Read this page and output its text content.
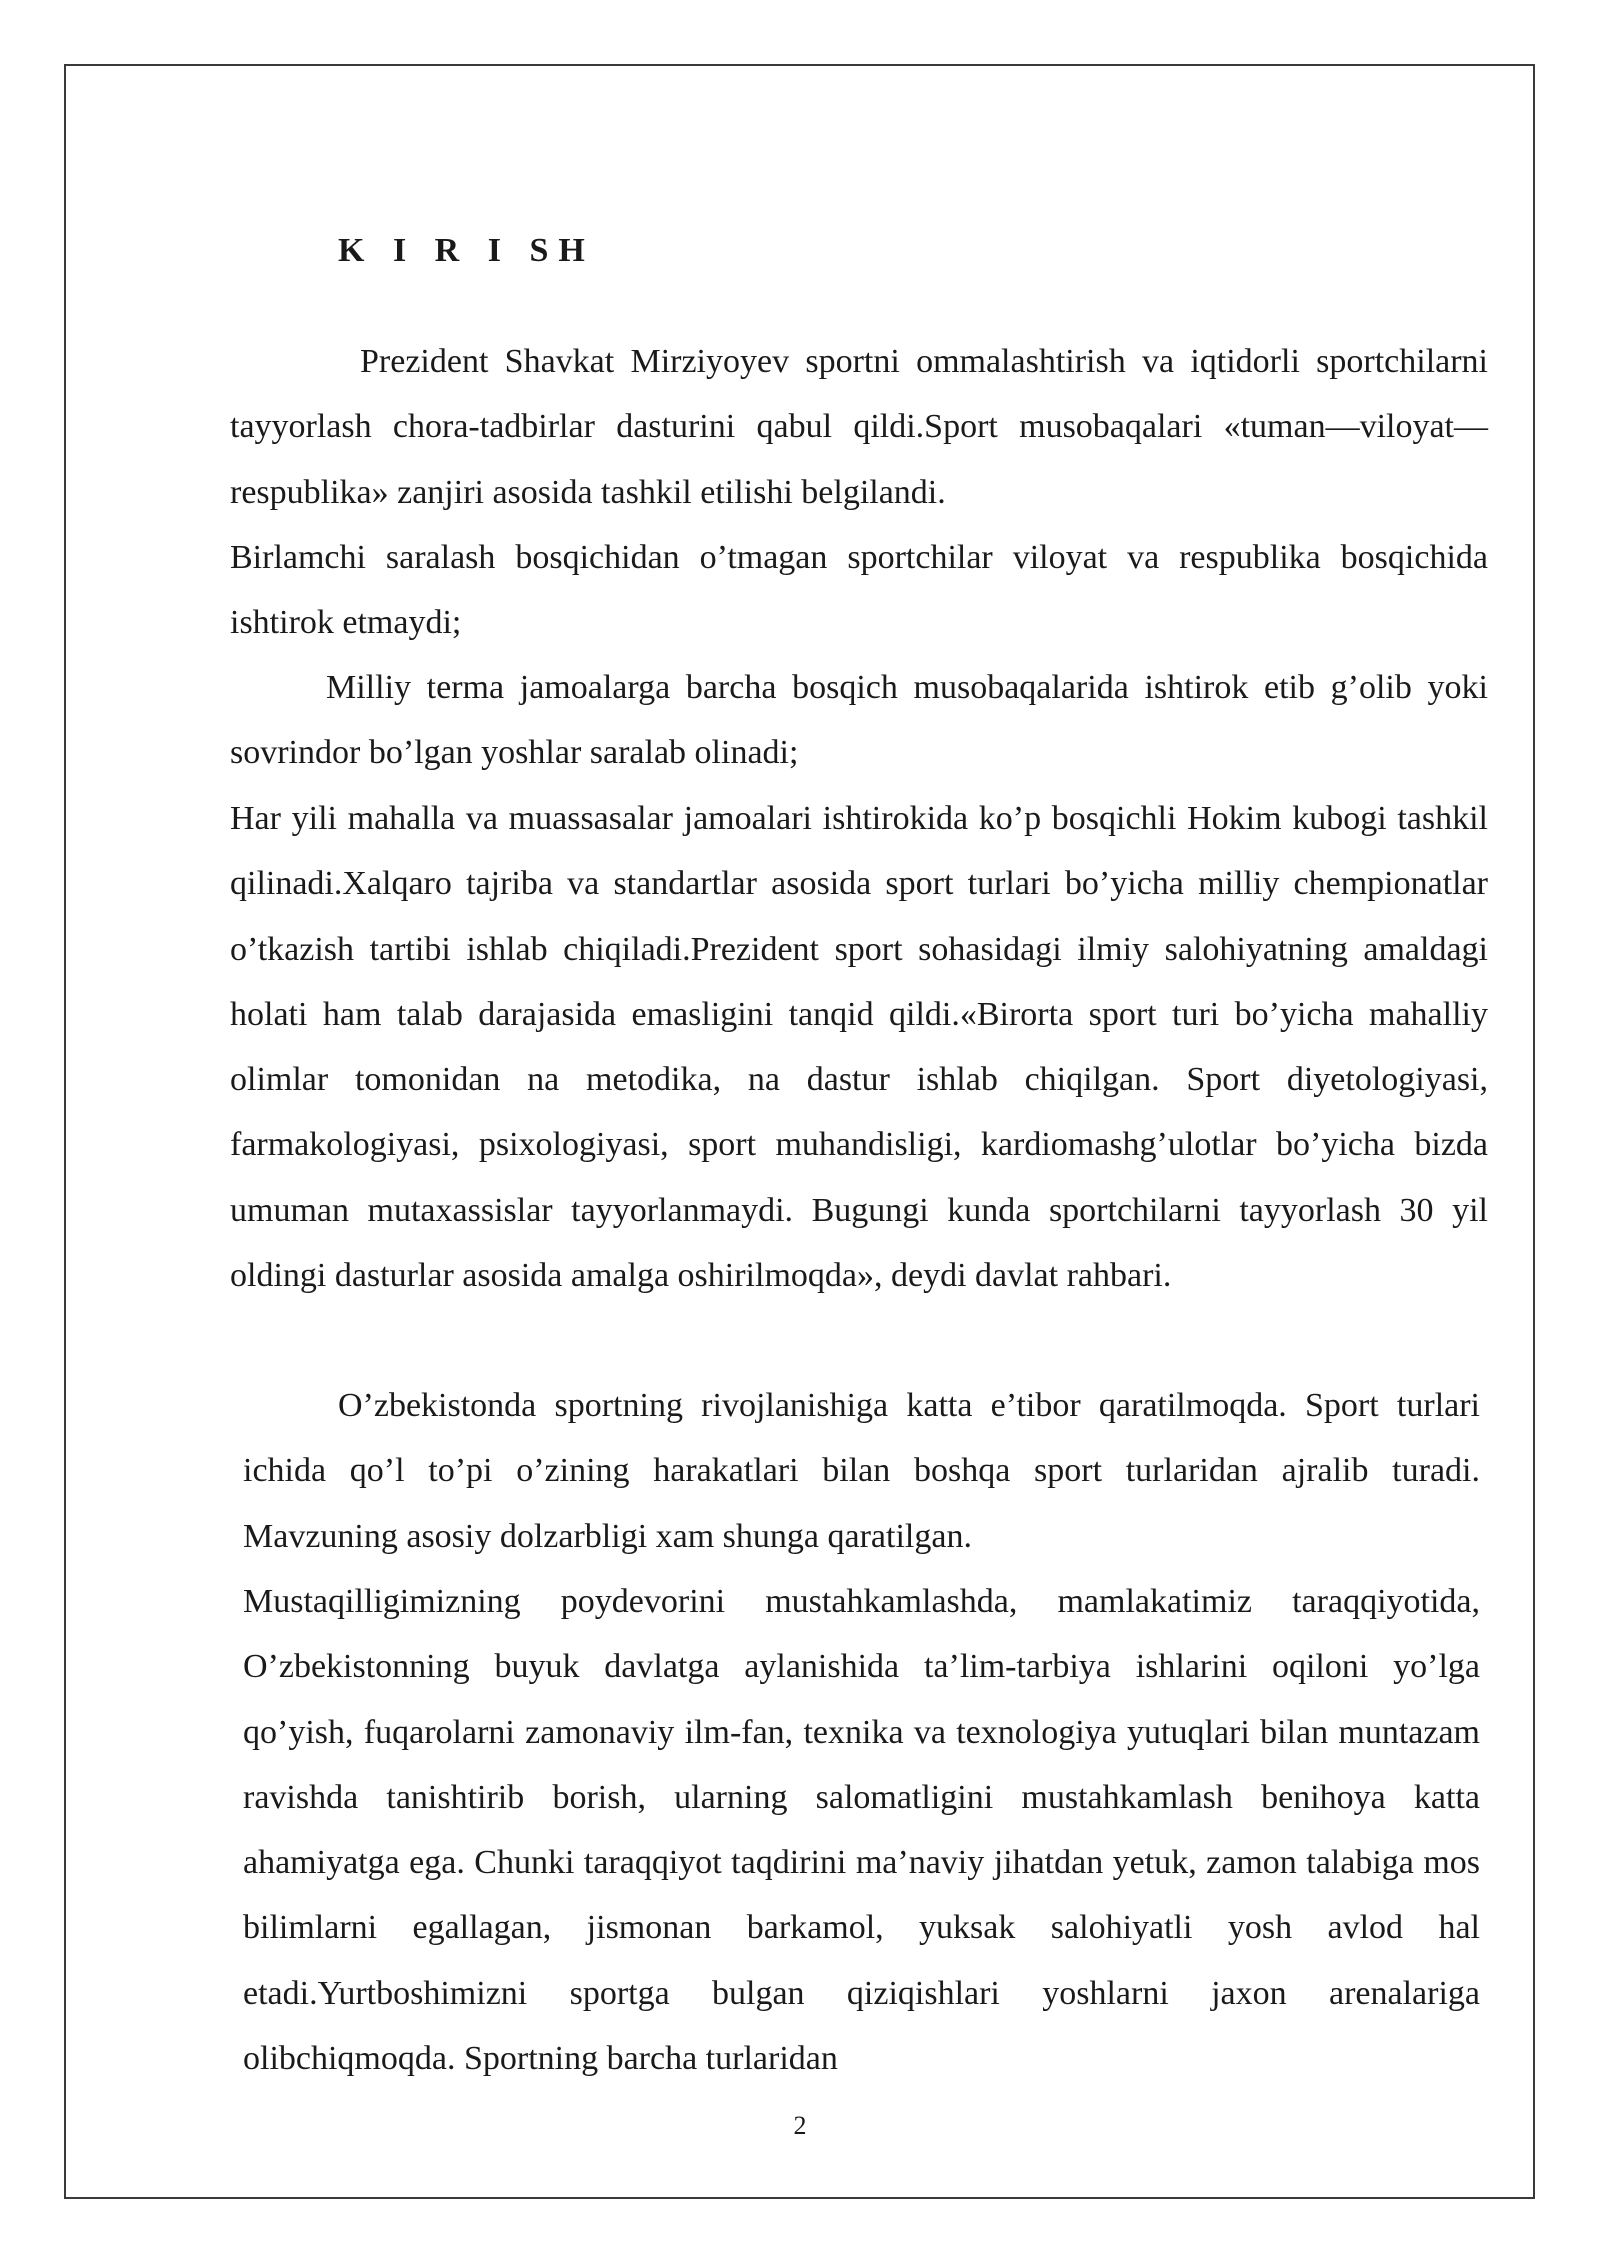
K I R I SH

Prezident Shavkat Mirziyoyev sportni ommalashtirish va iqtidorli sportchilarni tayyorlash chora-tadbirlar dasturini qabul qildi.Sport musobaqalari «tuman—viloyat—respublika» zanjiri asosida tashkil etilishi belgilandi.

Birlamchi saralash bosqichidan o’tmagan sportchilar viloyat va respublika bosqichida ishtirok etmaydi;

Milliy terma jamoalarga barcha bosqich musobaqalarida ishtirok etib g’olib yoki sovrindor bo’lgan yoshlar saralab olinadi;

Har yili mahalla va muassasalar jamoalari ishtirokida ko’p bosqichli Hokim kubogi tashkil qilinadi.Xalqaro tajriba va standartlar asosida sport turlari bo’yicha milliy chempionatlar o’tkazish tartibi ishlab chiqiladi.Prezident sport sohasidagi ilmiy salohiyatning amaldagi holati ham talab darajasida emasligini tanqid qildi.«Birorta sport turi bo’yicha mahalliy olimlar tomonidan na metodika, na dastur ishlab chiqilgan. Sport diyetologiyasi, farmakologiyasi, psixologiyasi, sport muhandisligi, kardiomashg’ulotlar bo’yicha bizda umuman mutaxassislar tayyorlanmaydi. Bugungi kunda sportchilarni tayyorlash 30 yil oldingi dasturlar asosida amalga oshirilmoqda», deydi davlat rahbari.

O’zbekistonda sportning rivojlanishiga katta e’tibor qaratilmoqda. Sport turlari ichida qo’l to’pi o’zining harakatlari bilan boshqa sport turlaridan ajralib turadi. Mavzuning asosiy dolzarbligi xam shunga qaratilgan.

Mustaqilligimizning poydevorini mustahkamlashda, mamlakatimiz taraqqiyotida, O’zbekistonning buyuk davlatga aylanishida ta’lim-tarbiya ishlarini oqiloni yo’lga qo’yish, fuqarolarni zamonaviy ilm-fan, texnika va texnologiya yutuqlari bilan muntazam ravishda tanishtirib borish, ularning salomatligini mustahkamlash benihoya katta ahamiyatga ega. Chunki taraqqiyot taqdirini ma’naviy jihatdan yetuk, zamon talabiga mos bilimlarni egallagan, jismonan barkamol, yuksak salohiyatli yosh avlod hal etadi.Yurtboshimizni sportga bulgan qiziqishlari yoshlarni jaxon arenalariga olibchiqmoqda. Sportning barcha turlaridan

2
